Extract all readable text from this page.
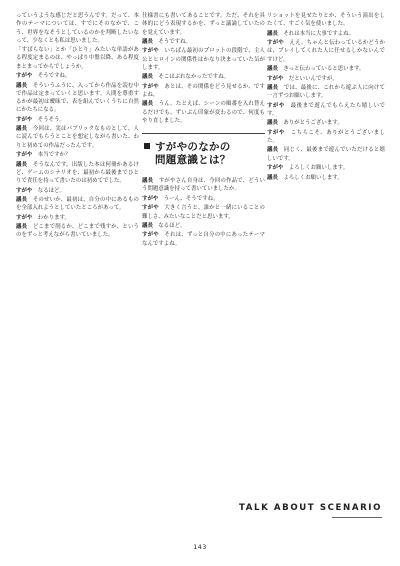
っていうような感じだと思うんです。だって、本作のテーマについては、すでにそのなかで、こう、世界をなそうとしているのかを判断したいなって、少なくとも私は思いました。

「すばらない」とか「ひとり」みたいな単語がある程度定まるのは、やっぱり中盤以降、ある程度まとまってからでしょうか。

すがや　 そうですね。

議長　 そういうふうに、入ってから作品を読む中で作品は定まっていくと思います。人間を尊重するかが最初は曖昧で、表を組んでいくうちに自然にかたちになる。

すがや　 そうそう。

議長　 今回は、実はパブリックなものとして、人に読んでもらうとことを想定しながら書いた、わりと初めての作品だったんです。

すがや　 本当ですか？

議長　 そうなんです。出版した本は何冊かあるけど、ゲームのシナリオを、最初から最後までひとりで責任を持って書いたのは初めてでした。

すがや　 なるほど。

議長　 そのせいか、最初は、自分の中にあるものを全部入れようとしていたところがあって。

すがや　 わかります。

議長　 どこまで削るか、どこまで残すか、というのをずっと考えながら書いていました。

仕様書にも書いてあることです。ただ、それを具体的にどう表現するかを、ずっと議論していたのを覚えています。

議長　 そうですね。

すがや　 いちばん最初のプロットの段階で、主人公とヒロインの関係性はかなり決まっていた気がします。

議長　 そこはぶれなかったですね。

すがや　 あとは、その関係をどう見せるか、ですよね。

議長　 うん。たとえば、シーンの順番を入れ替えるだけでも、ずいぶん印象が変わるので、何度もやり直しました。

すがやのなかの
問題意識とは？

議長　 すがやさん自身は、今回の作品で、どういう問題意識を持って書いていましたか。

すがや　 うーん、そうですね。

すがや　 大きく言うと、誰かと一緒にいることの難しさ、みたいなことだと思います。

議長　 なるほど。

すがや　 それは、ずっと自分の中にあったテーマなんですよね。

リショットを見せたりとか、そういう演出をしたくて、すごく気を使いました。

議長　 それは本当に大事ですよね。

すがや　 ええ。ちゃんと伝わっているかどうかは、プレイしてくれた人に任せるしかないんですけど。

議長　 きっと伝わっていると思います。

すがや　 だといいんですが。

議長　 では、最後に、これから遊ぶ人に向けて一言ずつお願いします。

すがや　 最後まで遊んでもらえたら嬉しいです。

議長　 ありがとうございます。

すがや　 こちらこそ、ありがとうございました。

議長　 同じく、最後まで遊んでいただけると嬉しいです。

すがや　 よろしくお願いします。

議長　 よろしくお願いします。

TALK ABOUT SCENARIO
143
